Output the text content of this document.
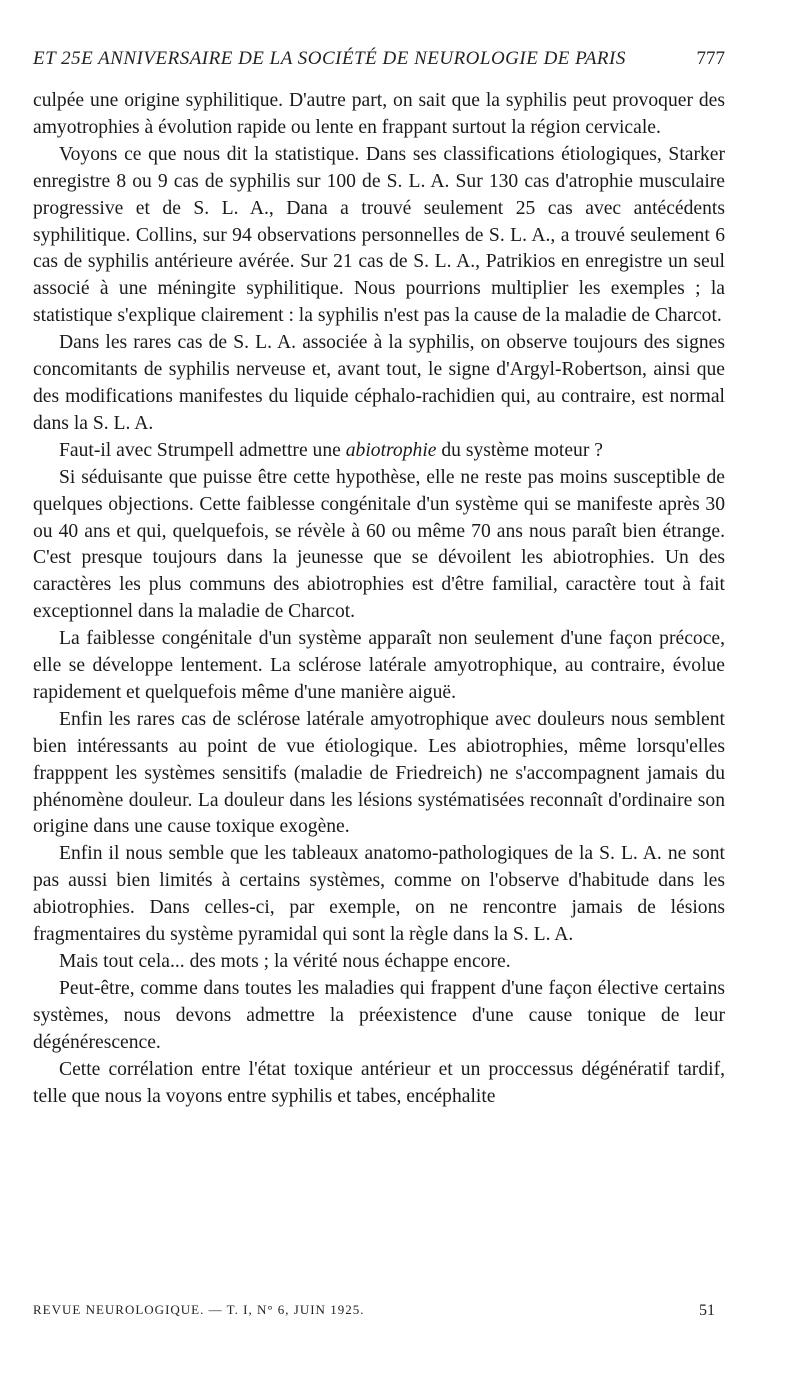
ET 25E ANNIVERSAIRE DE LA SOCIÉTÉ DE NEUROLOGIE DE PARIS	777

culpée une origine syphilitique. D'autre part, on sait que la syphilis peut provoquer des amyotrophies à évolution rapide ou lente en frappant surtout la région cervicale.

Voyons ce que nous dit la statistique. Dans ses classifications étiologiques, Starker enregistre 8 ou 9 cas de syphilis sur 100 de S. L. A. Sur 130 cas d'atrophie musculaire progressive et de S. L. A., Dana a trouvé seulement 25 cas avec antécédents syphilitique. Collins, sur 94 observations personnelles de S. L. A., a trouvé seulement 6 cas de syphilis antérieure avérée. Sur 21 cas de S. L. A., Patrikios en enregistre un seul associé à une méningite syphilitique. Nous pourrions multiplier les exemples ; la statistique s'explique clairement : la syphilis n'est pas la cause de la maladie de Charcot.

Dans les rares cas de S. L. A. associée à la syphilis, on observe toujours des signes concomitants de syphilis nerveuse et, avant tout, le signe d'Argyl-Robertson, ainsi que des modifications manifestes du liquide céphalo-rachidien qui, au contraire, est normal dans la S. L. A.

Faut-il avec Strumpell admettre une abiotrophie du système moteur ?

Si séduisante que puisse être cette hypothèse, elle ne reste pas moins susceptible de quelques objections. Cette faiblesse congénitale d'un système qui se manifeste après 30 ou 40 ans et qui, quelquefois, se révèle à 60 ou même 70 ans nous paraît bien étrange. C'est presque toujours dans la jeunesse que se dévoilent les abiotrophies. Un des caractères les plus communs des abiotrophies est d'être familial, caractère tout à fait exceptionnel dans la maladie de Charcot.

La faiblesse congénitale d'un système apparaît non seulement d'une façon précoce, elle se développe lentement. La sclérose latérale amyotrophique, au contraire, évolue rapidement et quelquefois même d'une manière aiguë.

Enfin les rares cas de sclérose latérale amyotrophique avec douleurs nous semblent bien intéressants au point de vue étiologique. Les abiotrophies, même lorsqu'elles frapppent les systèmes sensitifs (maladie de Friedreich) ne s'accompagnent jamais du phénomène douleur. La douleur dans les lésions systématisées reconnaît d'ordinaire son origine dans une cause toxique exogène.

Enfin il nous semble que les tableaux anatomo-pathologiques de la S. L. A. ne sont pas aussi bien limités à certains systèmes, comme on l'observe d'habitude dans les abiotrophies. Dans celles-ci, par exemple, on ne rencontre jamais de lésions fragmentaires du système pyramidal qui sont la règle dans la S. L. A.

Mais tout cela... des mots ; la vérité nous échappe encore.

Peut-être, comme dans toutes les maladies qui frappent d'une façon élective certains systèmes, nous devons admettre la préexistence d'une cause tonique de leur dégénérescence.

Cette corrélation entre l'état toxique antérieur et un proccessus dégénératif tardif, telle que nous la voyons entre syphilis et tabes, encéphalite

REVUE NEUROLOGIQUE. — T. I, N° 6, JUIN 1925.	51
